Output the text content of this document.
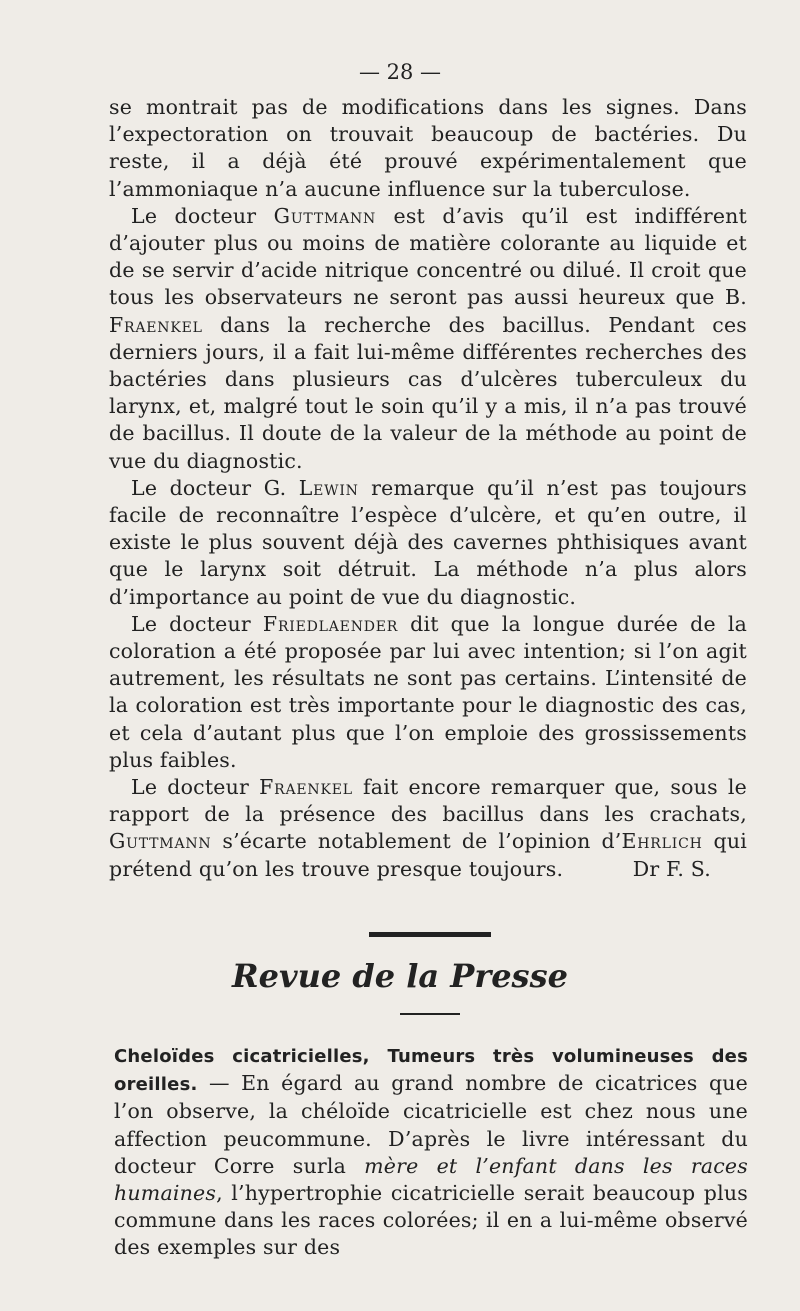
— 28 —

se montrait pas de modifications dans les signes. Dans l’expectoration on trouvait beaucoup de bactéries. Du reste, il a déjà été prouvé expérimentalement que l’ammoniaque n’a aucune influence sur la tuberculose.

Le docteur Guttmann est d’avis qu’il est indifférent d’ajouter plus ou moins de matière colorante au liquide et de se servir d’acide nitrique concentré ou dilué. Il croit que tous les observateurs ne seront pas aussi heureux que B. Fraenkel dans la recherche des bacillus. Pendant ces derniers jours, il a fait lui-même différentes recherches des bactéries dans plusieurs cas d’ulcères tuberculeux du larynx, et, malgré tout le soin qu’il y a mis, il n’a pas trouvé de bacillus. Il doute de la valeur de la méthode au point de vue du diagnostic.

Le docteur G. Lewin remarque qu’il n’est pas toujours facile de reconnaître l’espèce d’ulcère, et qu’en outre, il existe le plus souvent déjà des cavernes phthisiques avant que le larynx soit détruit. La méthode n’a plus alors d’importance au point de vue du diagnostic.

Le docteur Friedlaender dit que la longue durée de la coloration a été proposée par lui avec intention; si l’on agit autrement, les résultats ne sont pas certains. L’intensité de la coloration est très importante pour le diagnostic des cas, et cela d’autant plus que l’on emploie des grossissements plus faibles.

Le docteur Fraenkel fait encore remarquer que, sous le rapport de la présence des bacillus dans les crachats, Guttmann s’écarte notablement de l’opinion d’Ehrlich qui prétend qu’on les trouve presque toujours.	Dr F. S.

Revue de la Presse

Cheloïdes cicatricielles, Tumeurs très volumineuses des oreilles. — En égard au grand nombre de cicatrices que l’on observe, la chéloïde cicatricielle est chez nous une affection peucommune. D’après le livre intéressant du docteur Corre surla mère et l’enfant dans les races humaines, l’hypertrophie cicatricielle serait beaucoup plus commune dans les races colorées; il en a lui-même observé des exemples sur des
